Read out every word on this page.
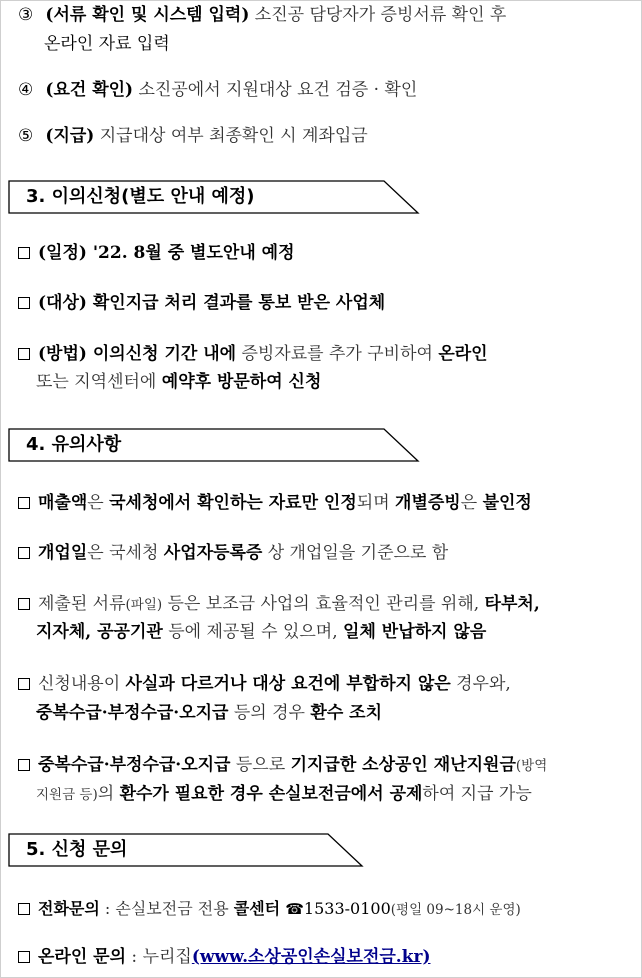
③ (서류 확인 및 시스템 입력) 소진공 담당자가 증빙서류 확인 후
온라인 자료 입력
④ (요건 확인) 소진공에서 지원대상 요건 검증 · 확인
⑤ (지급) 지급대상 여부 최종확인 시 계좌입금
3. 이의신청(별도 안내 예정)
(일정) '22. 8월 중 별도안내 예정
(대상) 확인지급 처리 결과를 통보 받은 사업체
(방법) 이의신청 기간 내에 증빙자료를 추가 구비하여 온라인
또는 지역센터에 예약후 방문하여 신청
4. 유의사항
매출액은 국세청에서 확인하는 자료만 인정되며 개별증빙은 불인정
개업일은 국세청 사업자등록증 상 개업일을 기준으로 함
제출된 서류(파일) 등은 보조금 사업의 효율적인 관리를 위해, 타부처,
지자체, 공공기관 등에 제공될 수 있으며, 일체 반납하지 않음
신청내용이 사실과 다르거나 대상 요건에 부합하지 않은 경우와,
중복수급·부정수급·오지급 등의 경우 환수 조치
중복수급·부정수급·오지급 등으로 기지급한 소상공인 재난지원금(방역
지원금 등)의 환수가 필요한 경우 손실보전금에서 공제하여 지급 가능
5. 신청 문의
전화문의 : 손실보전금 전용 콜센터 ☎1533-0100(평일 09~18시 운영)
온라인 문의 : 누리집(www.소상공인손실보전금.kr)
